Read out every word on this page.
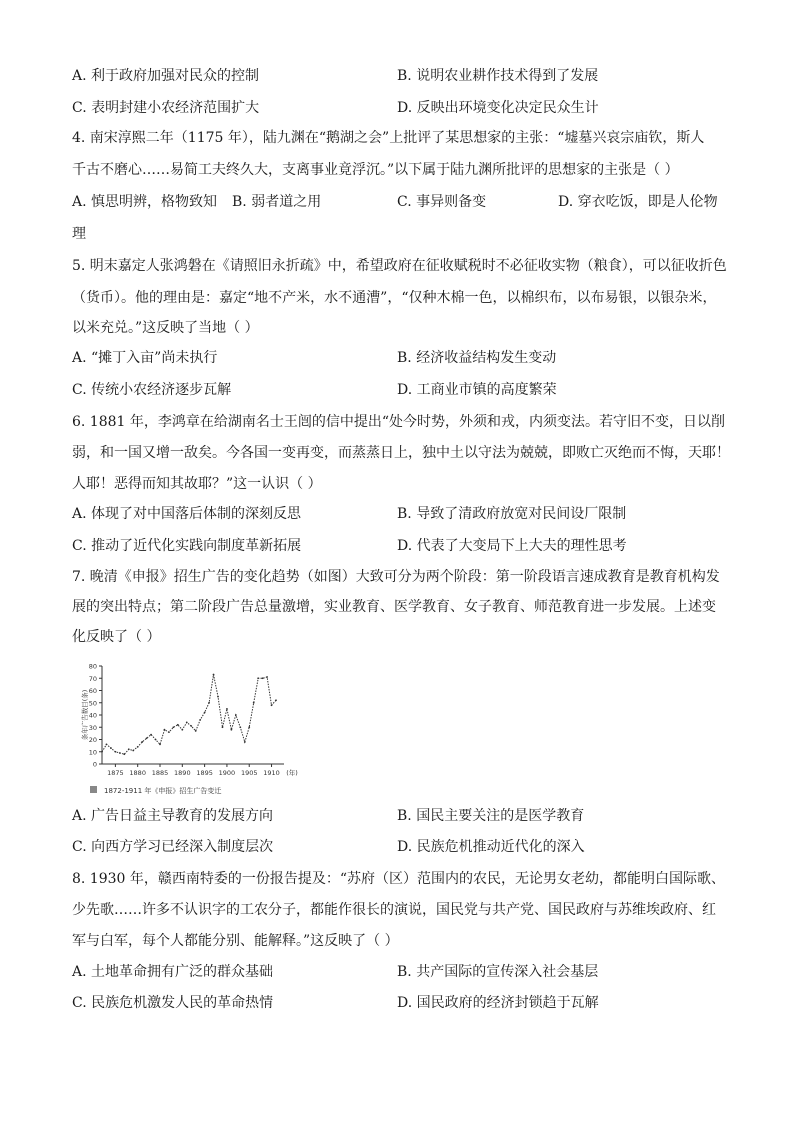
A. 利于政府加强对民众的控制	B. 说明农业耕作技术得到了发展
C. 表明封建小农经济范围扩大	D. 反映出环境变化决定民众生计
4. 南宋淳熙二年（1175 年），陆九渊在“鹅湖之会”上批评了某思想家的主张：“墟墓兴哀宗庙钦，斯人
千古不磨心……易简工夫终久大，支离事业竟浮沉。”以下属于陆九渊所批评的思想家的主张是（ ）
A. 慎思明辨，格物致知 B. 弱者道之用	C. 事异则备变	D. 穿衣吃饭，即是人伦物
理
5. 明末嘉定人张鸿磐在《请照旧永折疏》中，希望政府在征收赋税时不必征收实物（粮食），可以征收折色
（货币）。他的理由是：嘉定“地不产米，水不通漕”，“仅种木棉一色，以棉织布，以布易银，以银杂米，
以米充兑。”这反映了当地（ ）
A. “摊丁入亩”尚未执行	B. 经济收益结构发生变动
C. 传统小农经济逐步瓦解	D. 工商业市镇的高度繁荣
6. 1881 年，李鸿章在给湖南名士王闿的信中提出“处今时势，外须和戎，内须变法。若守旧不变，日以削
弱，和一国又增一敌矣。今各国一变再变，而蒸蒸日上，独中土以守法为兢兢，即败亡灭绝而不悔，天耶！
人耶！恶得而知其故耶？”这一认识（ ）
A. 体现了对中国落后体制的深刻反思	B. 导致了清政府放宽对民间设厂限制
C. 推动了近代化实践向制度革新拓展	D. 代表了大变局下上大夫的理性思考
7. 晚清《申报》招生广告的变化趋势（如图）大致可分为两个阶段：第一阶段语言速成教育是教育机构发
展的突出特点；第二阶段广告总量激增，实业教育、医学教育、女子教育、师范教育进一步发展。上述变
化反映了（ ）
0
10
20
30
40
50
60
70
80
1875 1880 1885 1890 1895 1900 1905 1910 (年)
条年广告数目(条)
1872-1911 年《申报》招生广告变迁
A. 广告日益主导教育的发展方向	B. 国民主要关注的是医学教育
C. 向西方学习已经深入制度层次	D. 民族危机推动近代化的深入
8. 1930 年，赣西南特委的一份报告提及：“苏府（区）范围内的农民，无论男女老幼，都能明白国际歌、
少先歌……许多不认识字的工农分子，都能作很长的演说，国民党与共产党、国民政府与苏维埃政府、红
军与白军，每个人都能分别、能解释。”这反映了（ ）
A. 土地革命拥有广泛的群众基础	B. 共产国际的宣传深入社会基层
C. 民族危机激发人民的革命热情	D. 国民政府的经济封锁趋于瓦解
